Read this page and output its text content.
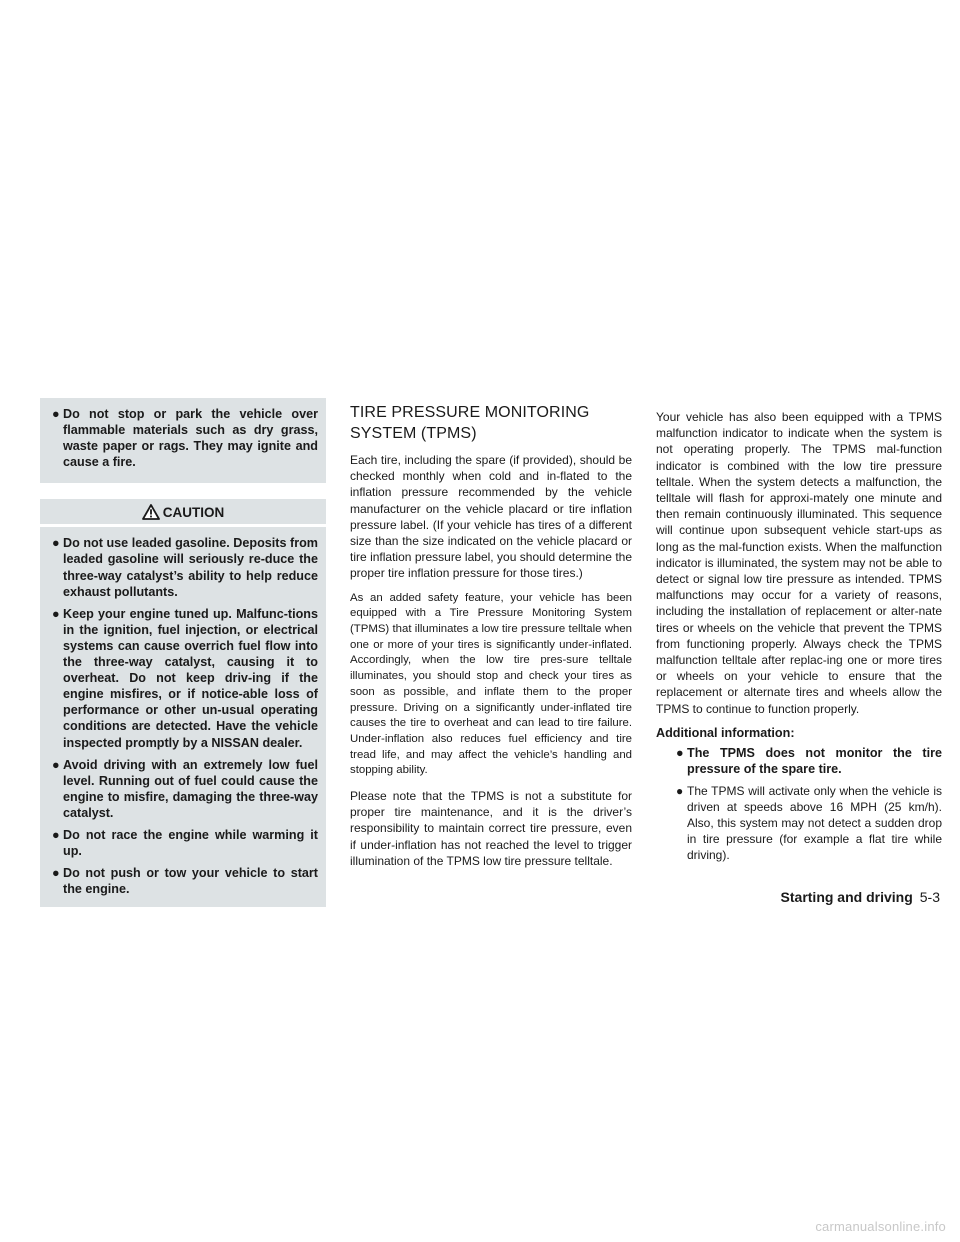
● Do not stop or park the vehicle over flammable materials such as dry grass, waste paper or rags. They may ignite and cause a fire.
CAUTION
● Do not use leaded gasoline. Deposits from leaded gasoline will seriously re-duce the three-way catalyst’s ability to help reduce exhaust pollutants.
● Keep your engine tuned up. Malfunc-tions in the ignition, fuel injection, or electrical systems can cause overrich fuel flow into the three-way catalyst, causing it to overheat. Do not keep driv-ing if the engine misfires, or if notice-able loss of performance or other un-usual operating conditions are detected. Have the vehicle inspected promptly by a NISSAN dealer.
● Avoid driving with an extremely low fuel level. Running out of fuel could cause the engine to misfire, damaging the three-way catalyst.
● Do not race the engine while warming it up.
● Do not push or tow your vehicle to start the engine.
TIRE PRESSURE MONITORING
SYSTEM (TPMS)

Each tire, including the spare (if provided), should be checked monthly when cold and in-flated to the inflation pressure recommended by the vehicle manufacturer on the vehicle placard or tire inflation pressure label. (If your vehicle has tires of a different size than the size indicated on the vehicle placard or tire inflation pressure label, you should determine the proper tire inflation pressure for those tires.)

As an added safety feature, your vehicle has been equipped with a Tire Pressure Monitoring System (TPMS) that illuminates a low tire pressure telltale when one or more of your tires is significantly under-inflated. Accordingly, when the low tire pres-sure telltale illuminates, you should stop and check your tires as soon as possible, and inflate them to the proper pressure. Driving on a significantly under-inflated tire causes the tire to overheat and can lead to tire failure. Under-inflation also reduces fuel efficiency and tire tread life, and may affect the vehicle’s handling and stopping ability.

Please note that the TPMS is not a substitute for proper tire maintenance, and it is the driver’s responsibility to maintain correct tire pressure, even if under-inflation has not reached the level to trigger illumination of the TPMS low tire pressure telltale.

Your vehicle has also been equipped with a TPMS malfunction indicator to indicate when the system is not operating properly. The TPMS mal-function indicator is combined with the low tire pressure telltale. When the system detects a malfunction, the telltale will flash for approxi-mately one minute and then remain continuously illuminated. This sequence will continue upon subsequent vehicle start-ups as long as the mal-function exists. When the malfunction indicator is illuminated, the system may not be able to detect or signal low tire pressure as intended. TPMS malfunctions may occur for a variety of reasons, including the installation of replacement or alter-nate tires or wheels on the vehicle that prevent the TPMS from functioning properly. Always check the TPMS malfunction telltale after replac-ing one or more tires or wheels on your vehicle to ensure that the replacement or alternate tires and wheels allow the TPMS to continue to function properly.

Additional information:
● The TPMS does not monitor the tire pressure of the spare tire.
● The TPMS will activate only when the vehicle is driven at speeds above 16 MPH (25 km/h). Also, this system may not detect a sudden drop in tire pressure (for example a flat tire while driving).
Starting and driving 5-3
carmanualsonline.info
